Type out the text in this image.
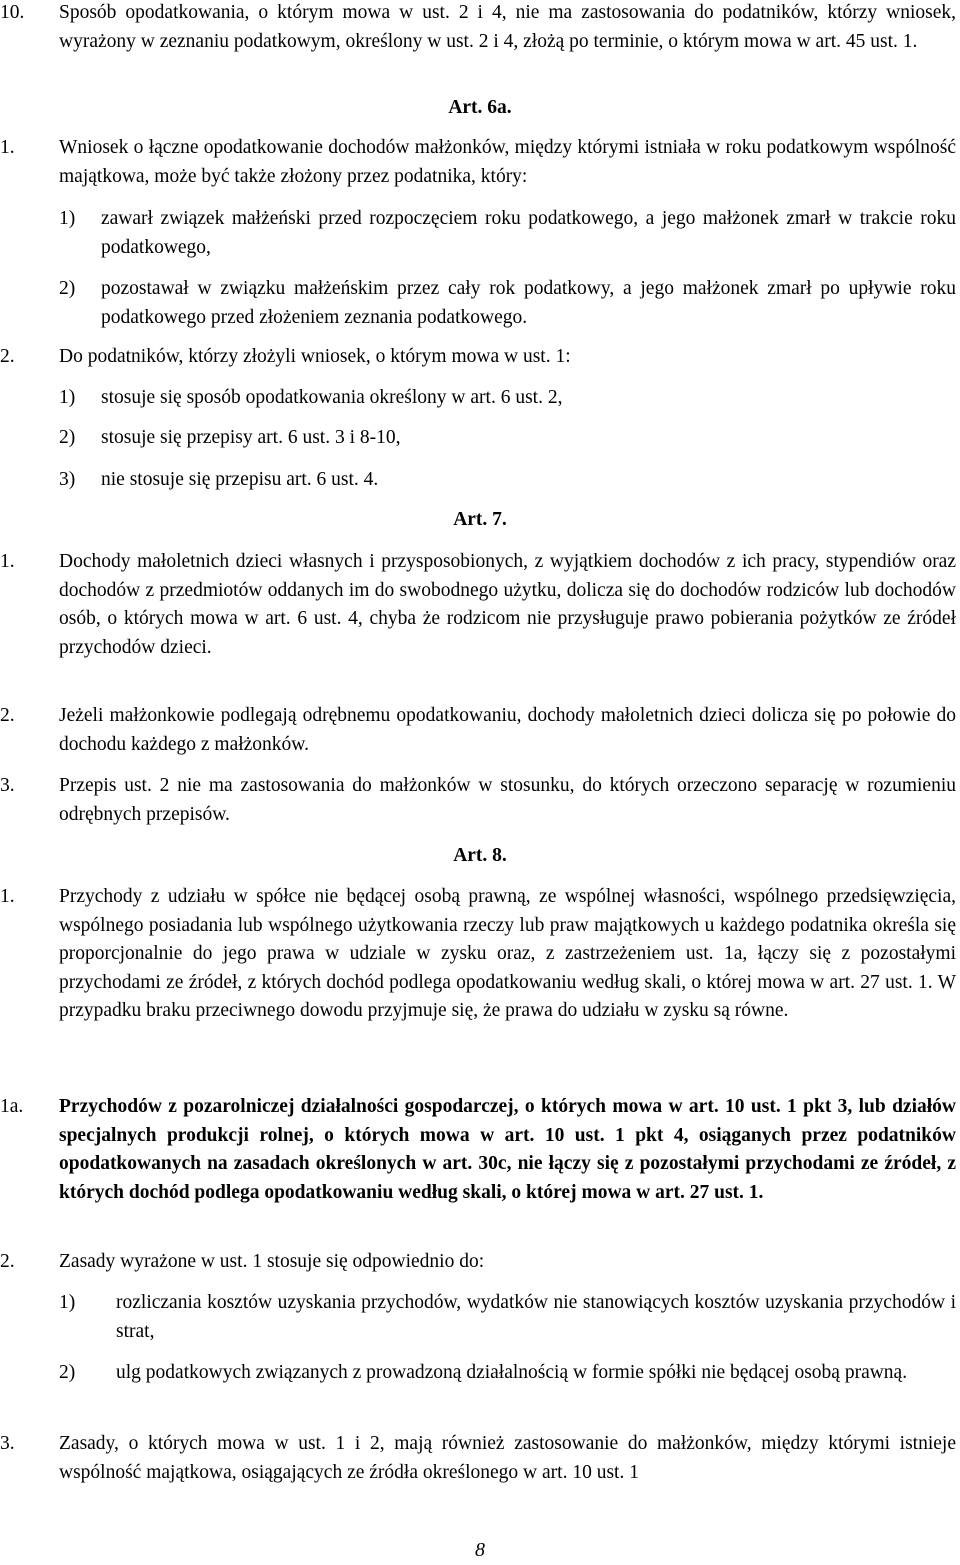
10. Sposób opodatkowania, o którym mowa w ust. 2 i 4, nie ma zastosowania do podatników, którzy wniosek, wyrażony w zeznaniu podatkowym, określony w ust. 2 i 4, złożą po terminie, o którym mowa w art. 45 ust. 1.
Art. 6a.
1. Wniosek o łączne opodatkowanie dochodów małżonków, między którymi istniała w roku podatkowym wspólność majątkowa, może być także złożony przez podatnika, który:
1) zawarł związek małżeński przed rozpoczęciem roku podatkowego, a jego małżonek zmarł w trakcie roku podatkowego,
2) pozostawał w związku małżeńskim przez cały rok podatkowy, a jego małżonek zmarł po upływie roku podatkowego przed złożeniem zeznania podatkowego.
2. Do podatników, którzy złożyli wniosek, o którym mowa w ust. 1:
1) stosuje się sposób opodatkowania określony w art. 6 ust. 2,
2) stosuje się przepisy art. 6 ust. 3 i 8-10,
3) nie stosuje się przepisu art. 6 ust. 4.
Art. 7.
1. Dochody małoletnich dzieci własnych i przysposobionych, z wyjątkiem dochodów z ich pracy, stypendiów oraz dochodów z przedmiotów oddanych im do swobodnego użytku, dolicza się do dochodów rodziców lub dochodów osób, o których mowa w art. 6 ust. 4, chyba że rodzicom nie przysługuje prawo pobierania pożytków ze źródeł przychodów dzieci.
2. Jeżeli małżonkowie podlegają odrębnemu opodatkowaniu, dochody małoletnich dzieci dolicza się po połowie do dochodu każdego z małżonków.
3. Przepis ust. 2 nie ma zastosowania do małżonków w stosunku, do których orzeczono separację w rozumieniu odrębnych przepisów.
Art. 8.
1. Przychody z udziału w spółce nie będącej osobą prawną, ze wspólnej własności, wspólnego przedsięwzięcia, wspólnego posiadania lub wspólnego użytkowania rzeczy lub praw majątkowych u każdego podatnika określa się proporcjonalnie do jego prawa w udziale w zysku oraz, z zastrzeżeniem ust. 1a, łączy się z pozostałymi przychodami ze źródeł, z których dochód podlega opodatkowaniu według skali, o której mowa w art. 27 ust. 1. W przypadku braku przeciwnego dowodu przyjmuje się, że prawa do udziału w zysku są równe.
1a. Przychodów z pozarolniczej działalności gospodarczej, o których mowa w art. 10 ust. 1 pkt 3, lub działów specjalnych produkcji rolnej, o których mowa w art. 10 ust. 1 pkt 4, osiąganych przez podatników opodatkowanych na zasadach określonych w art. 30c, nie łączy się z pozostałymi przychodami ze źródeł, z których dochód podlega opodatkowaniu według skali, o której mowa w art. 27 ust. 1.
2. Zasady wyrażone w ust. 1 stosuje się odpowiednio do:
1) rozliczania kosztów uzyskania przychodów, wydatków nie stanowiących kosztów uzyskania przychodów i strat,
2) ulg podatkowych związanych z prowadzoną działalnością w formie spółki nie będącej osobą prawną.
3. Zasady, o których mowa w ust. 1 i 2, mają również zastosowanie do małżonków, między którymi istnieje wspólność majątkowa, osiągających ze źródła określonego w art. 10 ust. 1
8
